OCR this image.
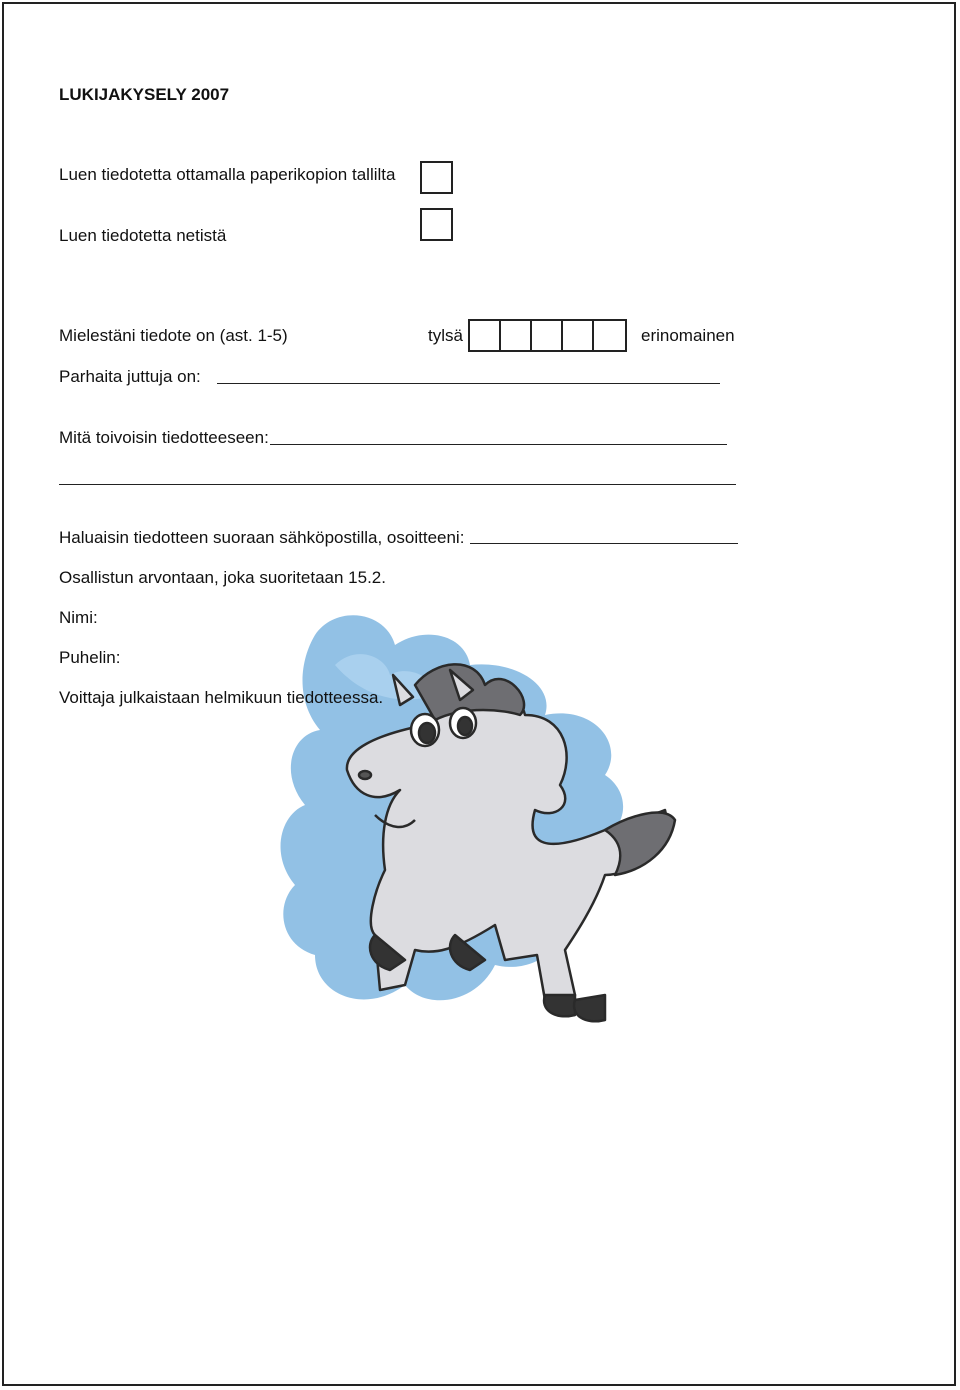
LUKIJAKYSELY 2007
Luen tiedotetta ottamalla paperikopion tallilta
Luen tiedotetta netistä
Mielestäni tiedote on (ast. 1-5)	tylsä	erinomainen
Parhaita juttuja on:
Mitä toivoisin tiedotteeseen:
Haluaisin tiedotteen suoraan sähköpostilla, osoitteeni:
Osallistun arvontaan, joka suoritetaan 15.2.
Nimi:
Puhelin:
Voittaja julkaistaan helmikuun tiedotteessa.
